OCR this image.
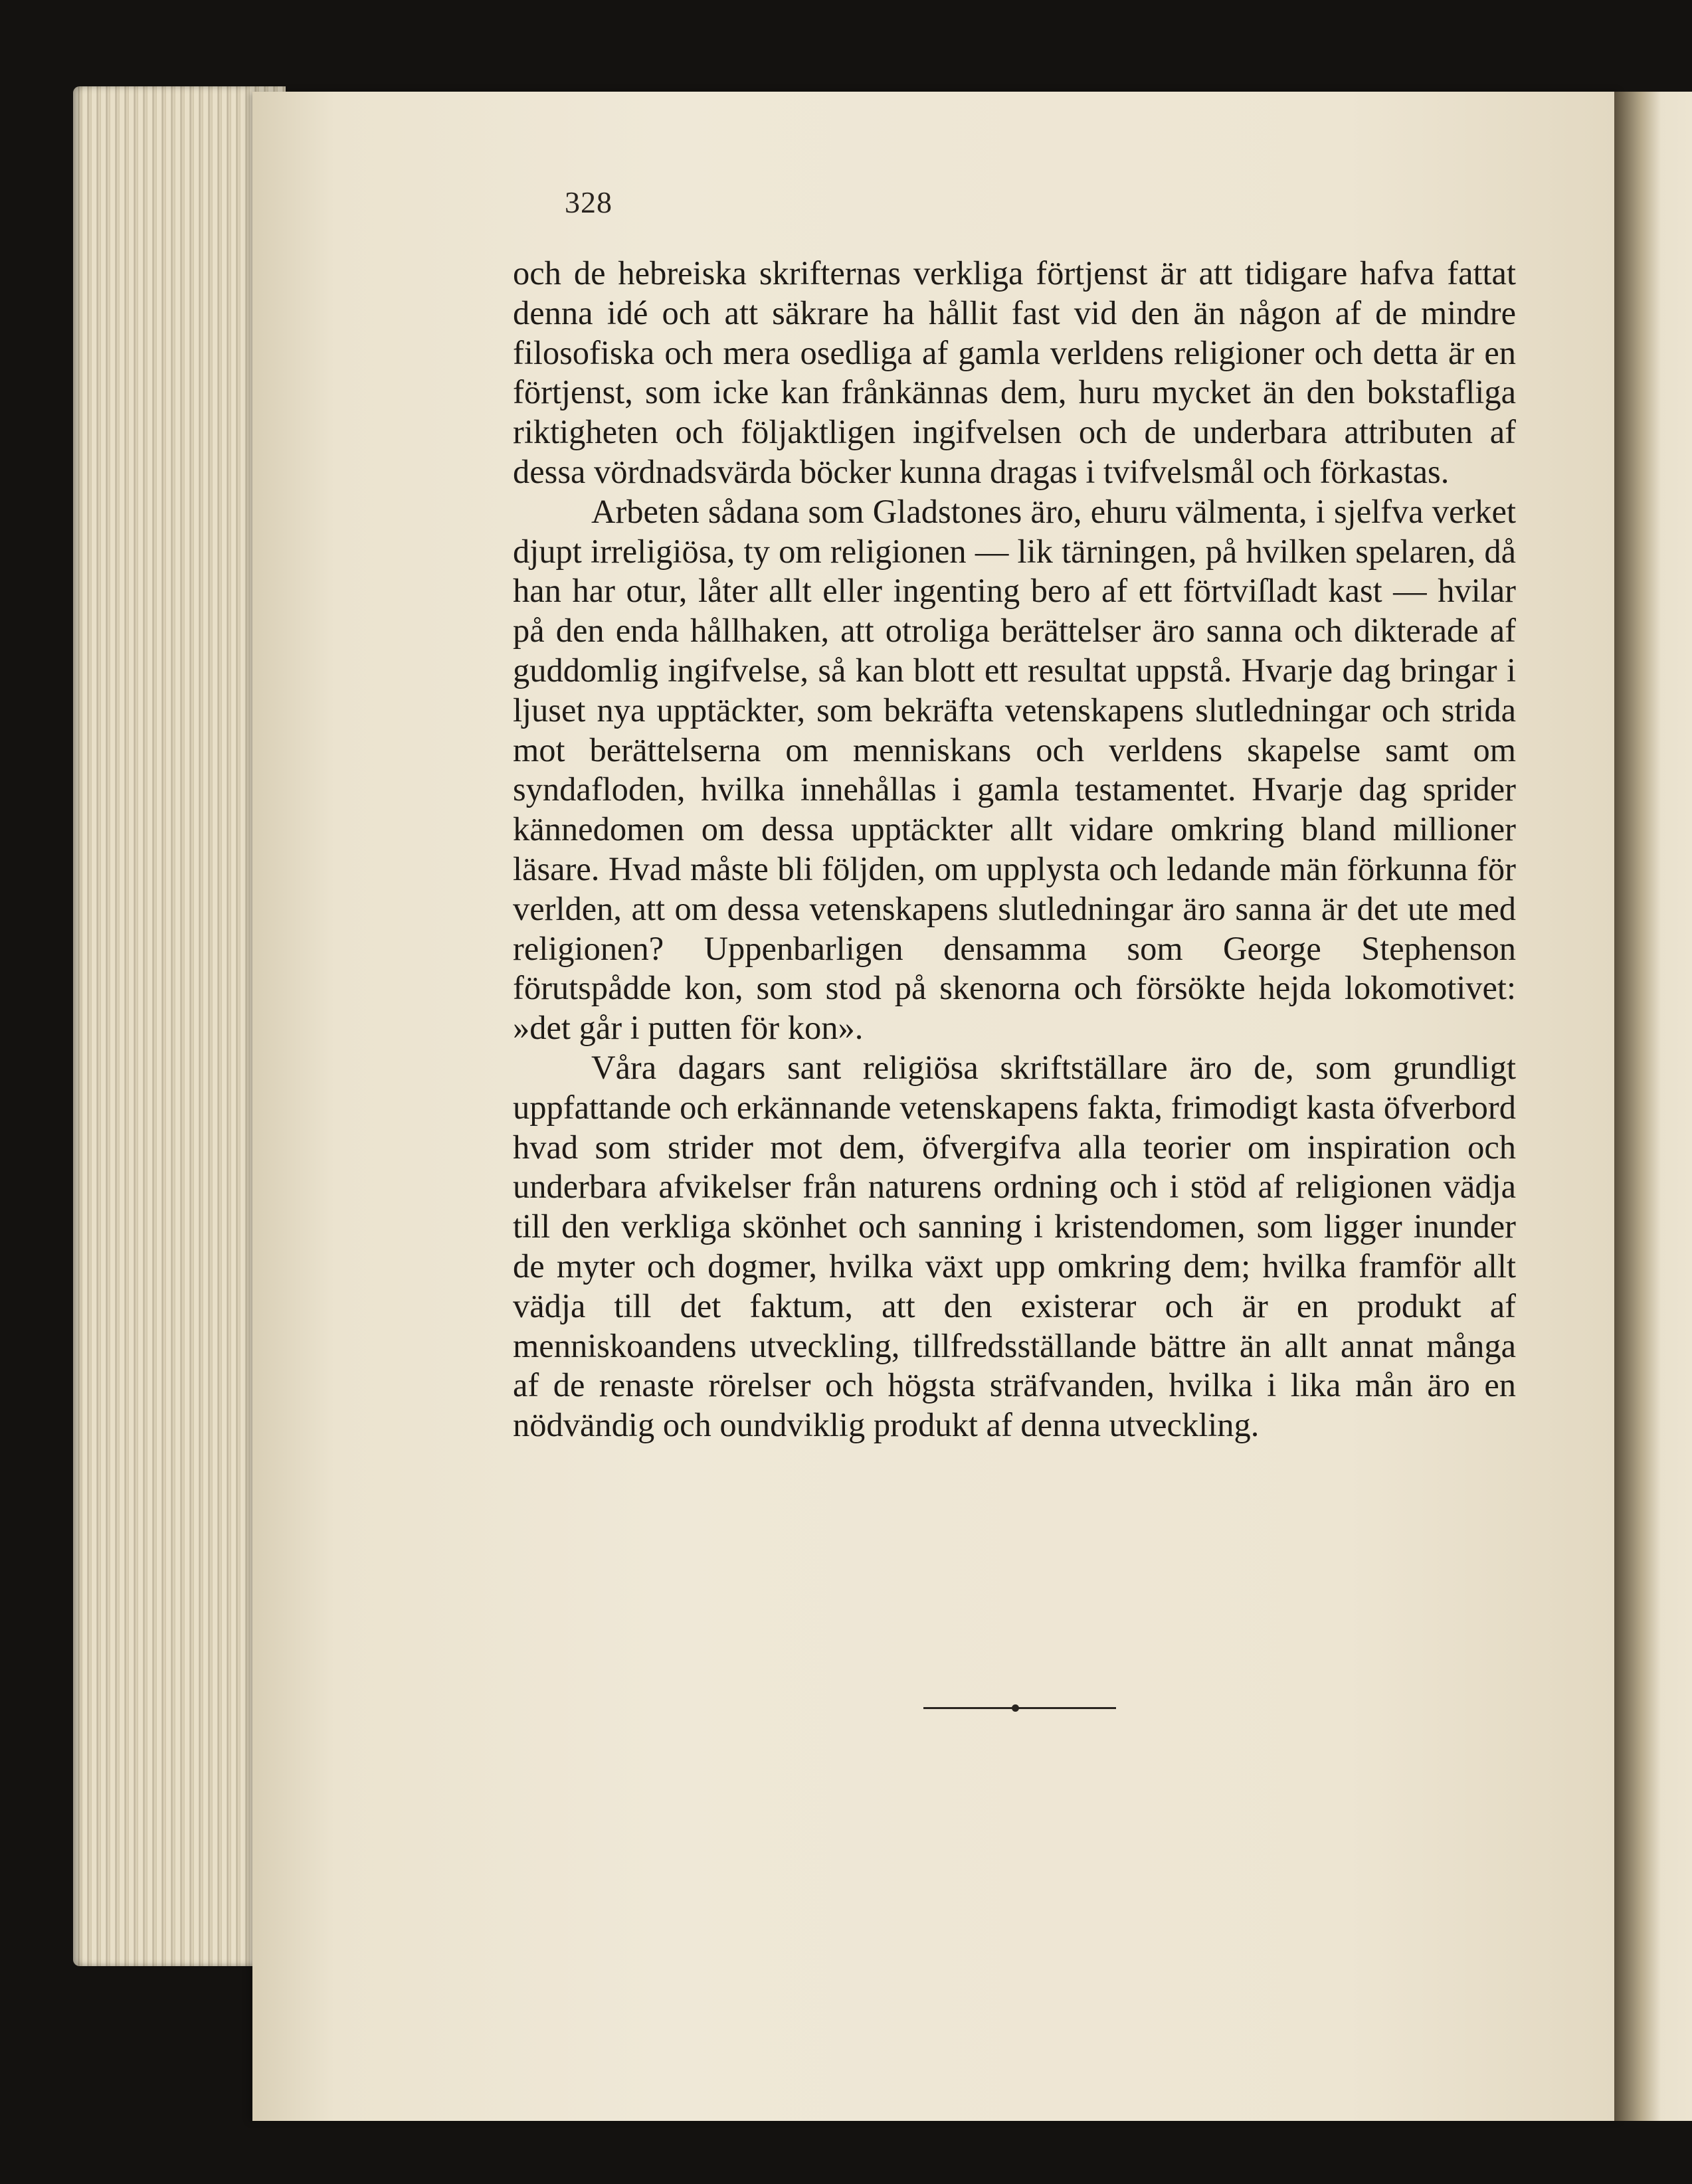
328

och de hebreiska skrifternas verkliga förtjenst är att tidigare hafva fattat denna idé och att säkrare ha hållit fast vid den än någon af de mindre filosofiska och mera osedliga af gamla verldens religioner och detta är en förtjenst, som icke kan frånkännas dem, huru mycket än den bokstafliga riktigheten och följaktligen ingifvelsen och de underbara attributen af dessa vördnadsvärda böcker kunna dragas i tvifvelsmål och förkastas.

Arbeten sådana som Gladstones äro, ehuru välmenta, i sjelfva verket djupt irreligiösa, ty om religionen — lik tärningen, på hvilken spelaren, då han har otur, låter allt eller ingenting bero af ett förtviſladt kast — hvilar på den enda hållhaken, att otroliga berättelser äro sanna och dikterade af guddomlig ingifvelse, så kan blott ett resultat uppstå. Hvarje dag bringar i ljuset nya upptäckter, som bekräfta vetenskapens slutledningar och strida mot berättelserna om menniskans och verldens skapelse samt om syndafloden, hvilka innehållas i gamla testamentet. Hvarje dag sprider kännedomen om dessa upptäckter allt vidare omkring bland millioner läsare. Hvad måste bli följden, om upplysta och ledande män förkunna för verlden, att om dessa vetenskapens slutledningar äro sanna är det ute med religionen? Uppenbarligen densamma som George Stephenson förutspådde kon, som stod på skenorna och försökte hejda lokomotivet: »det går i putten för kon».

Våra dagars sant religiösa skriftställare äro de, som grundligt uppfattande och erkännande vetenskapens fakta, frimodigt kasta öfverbord hvad som strider mot dem, öfvergifva alla teorier om inspiration och underbara afvikelser från naturens ordning och i stöd af religionen vädja till den verkliga skönhet och sanning i kristendomen, som ligger inunder de myter och dogmer, hvilka växt upp omkring dem; hvilka framför allt vädja till det faktum, att den existerar och är en produkt af menniskoandens utveckling, tillfredsställande bättre än allt annat många af de renaste rörelser och högsta sträfvanden, hvilka i lika mån äro en nödvändig och oundviklig produkt af denna utveckling.
